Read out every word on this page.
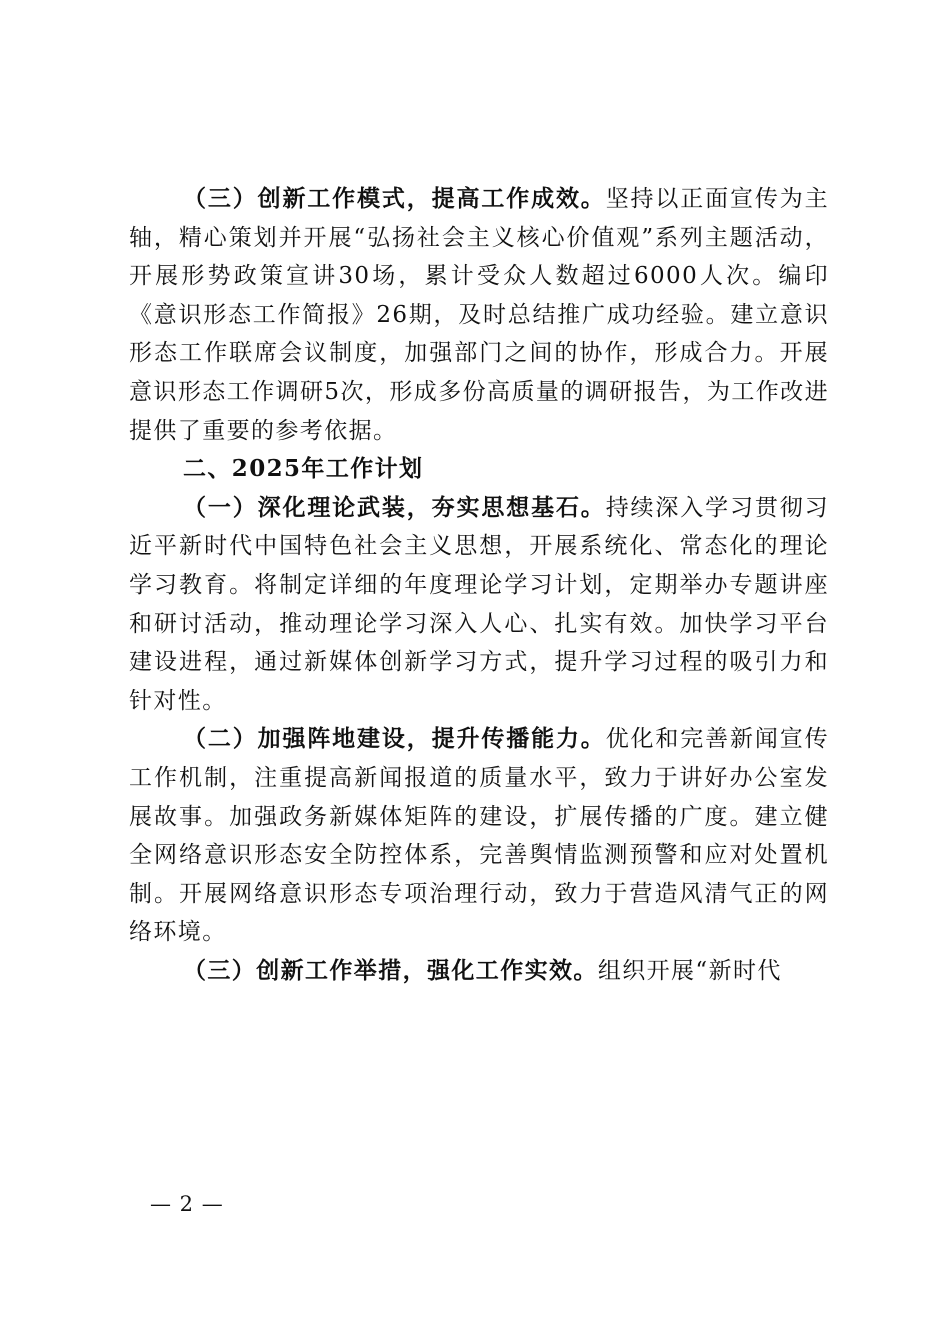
（三）创新工作模式，提高工作成效。坚持以正面宣传为主轴，精心策划并开展“弘扬社会主义核心价值观”系列主题活动，开展形势政策宣讲30场，累计受众人数超过6000人次。编印《意识形态工作简报》26期，及时总结推广成功经验。建立意识形态工作联席会议制度，加强部门之间的协作，形成合力。开展意识形态工作调研5次，形成多份高质量的调研报告，为工作改进提供了重要的参考依据。

二、2025年工作计划

（一）深化理论武装，夯实思想基石。持续深入学习贯彻习近平新时代中国特色社会主义思想，开展系统化、常态化的理论学习教育。将制定详细的年度理论学习计划，定期举办专题讲座和研讨活动，推动理论学习深入人心、扎实有效。加快学习平台建设进程，通过新媒体创新学习方式，提升学习过程的吸引力和针对性。

（二）加强阵地建设，提升传播能力。优化和完善新闻宣传工作机制，注重提高新闻报道的质量水平，致力于讲好办公室发展故事。加强政务新媒体矩阵的建设，扩展传播的广度。建立健全网络意识形态安全防控体系，完善舆情监测预警和应对处置机制。开展网络意识形态专项治理行动，致力于营造风清气正的网络环境。

（三）创新工作举措，强化工作实效。组织开展“新时代

— 2 —
